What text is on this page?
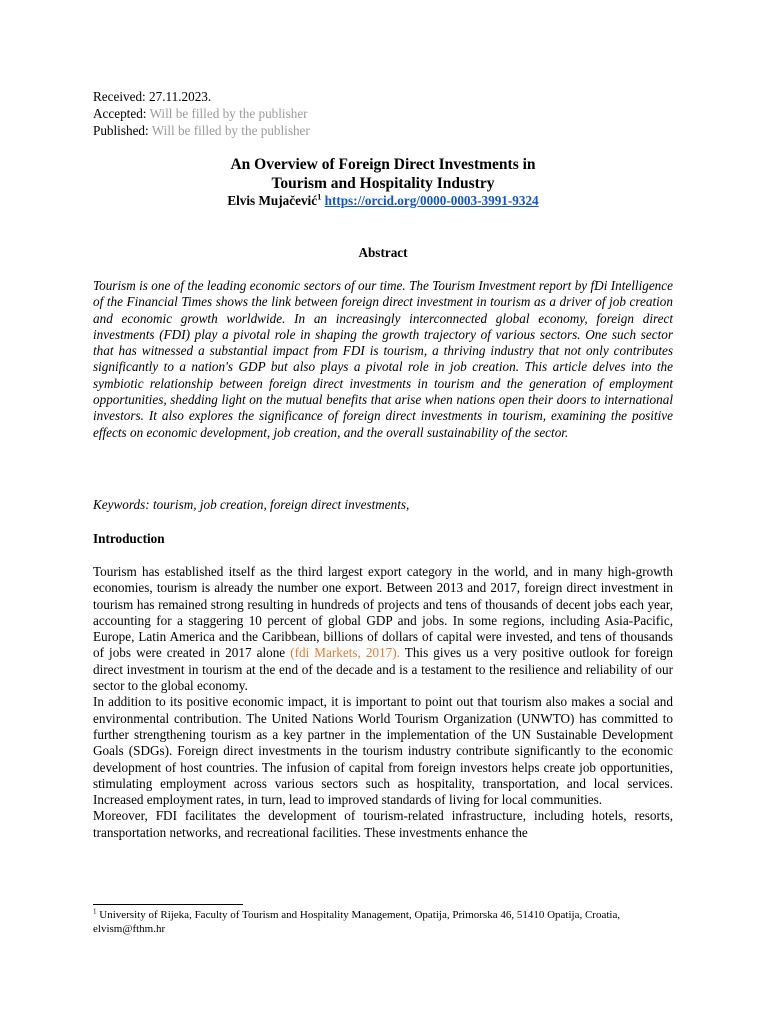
Received: 27.11.2023.
Accepted: Will be filled by the publisher
Published: Will be filled by the publisher
An Overview of Foreign Direct Investments in
Tourism and Hospitality Industry
Elvis Mujačević$^1$ https://orcid.org/0000-0003-3991-9324
Abstract
Tourism is one of the leading economic sectors of our time. The Tourism Investment report by fDi Intelligence of the Financial Times shows the link between foreign direct investment in tourism as a driver of job creation and economic growth worldwide. In an increasingly interconnected global economy, foreign direct investments (FDI) play a pivotal role in shaping the growth trajectory of various sectors. One such sector that has witnessed a substantial impact from FDI is tourism, a thriving industry that not only contributes significantly to a nation's GDP but also plays a pivotal role in job creation. This article delves into the symbiotic relationship between foreign direct investments in tourism and the generation of employment opportunities, shedding light on the mutual benefits that arise when nations open their doors to international investors. It also explores the significance of foreign direct investments in tourism, examining the positive effects on economic development, job creation, and the overall sustainability of the sector.
Keywords: tourism, job creation, foreign direct investments,
Introduction

Tourism has established itself as the third largest export category in the world, and in many high-growth economies, tourism is already the number one export. Between 2013 and 2017, foreign direct investment in tourism has remained strong resulting in hundreds of projects and tens of thousands of decent jobs each year, accounting for a staggering 10 percent of global GDP and jobs. In some regions, including Asia-Pacific, Europe, Latin America and the Caribbean, billions of dollars of capital were invested, and tens of thousands of jobs were created in 2017 alone (fdi Markets, 2017). This gives us a very positive outlook for foreign direct investment in tourism at the end of the decade and is a testament to the resilience and reliability of our sector to the global economy.

In addition to its positive economic impact, it is important to point out that tourism also makes a social and environmental contribution. The United Nations World Tourism Organization (UNWTO) has committed to further strengthening tourism as a key partner in the implementation of the UN Sustainable Development Goals (SDGs). Foreign direct investments in the tourism industry contribute significantly to the economic development of host countries. The infusion of capital from foreign investors helps create job opportunities, stimulating employment across various sectors such as hospitality, transportation, and local services. Increased employment rates, in turn, lead to improved standards of living for local communities.

Moreover, FDI facilitates the development of tourism-related infrastructure, including hotels, resorts, transportation networks, and recreational facilities. These investments enhance the

$^1$ University of Rijeka, Faculty of Tourism and Hospitality Management, Opatija, Primorska 46, 51410 Opatija, Croatia, elvism@fthm.hr
